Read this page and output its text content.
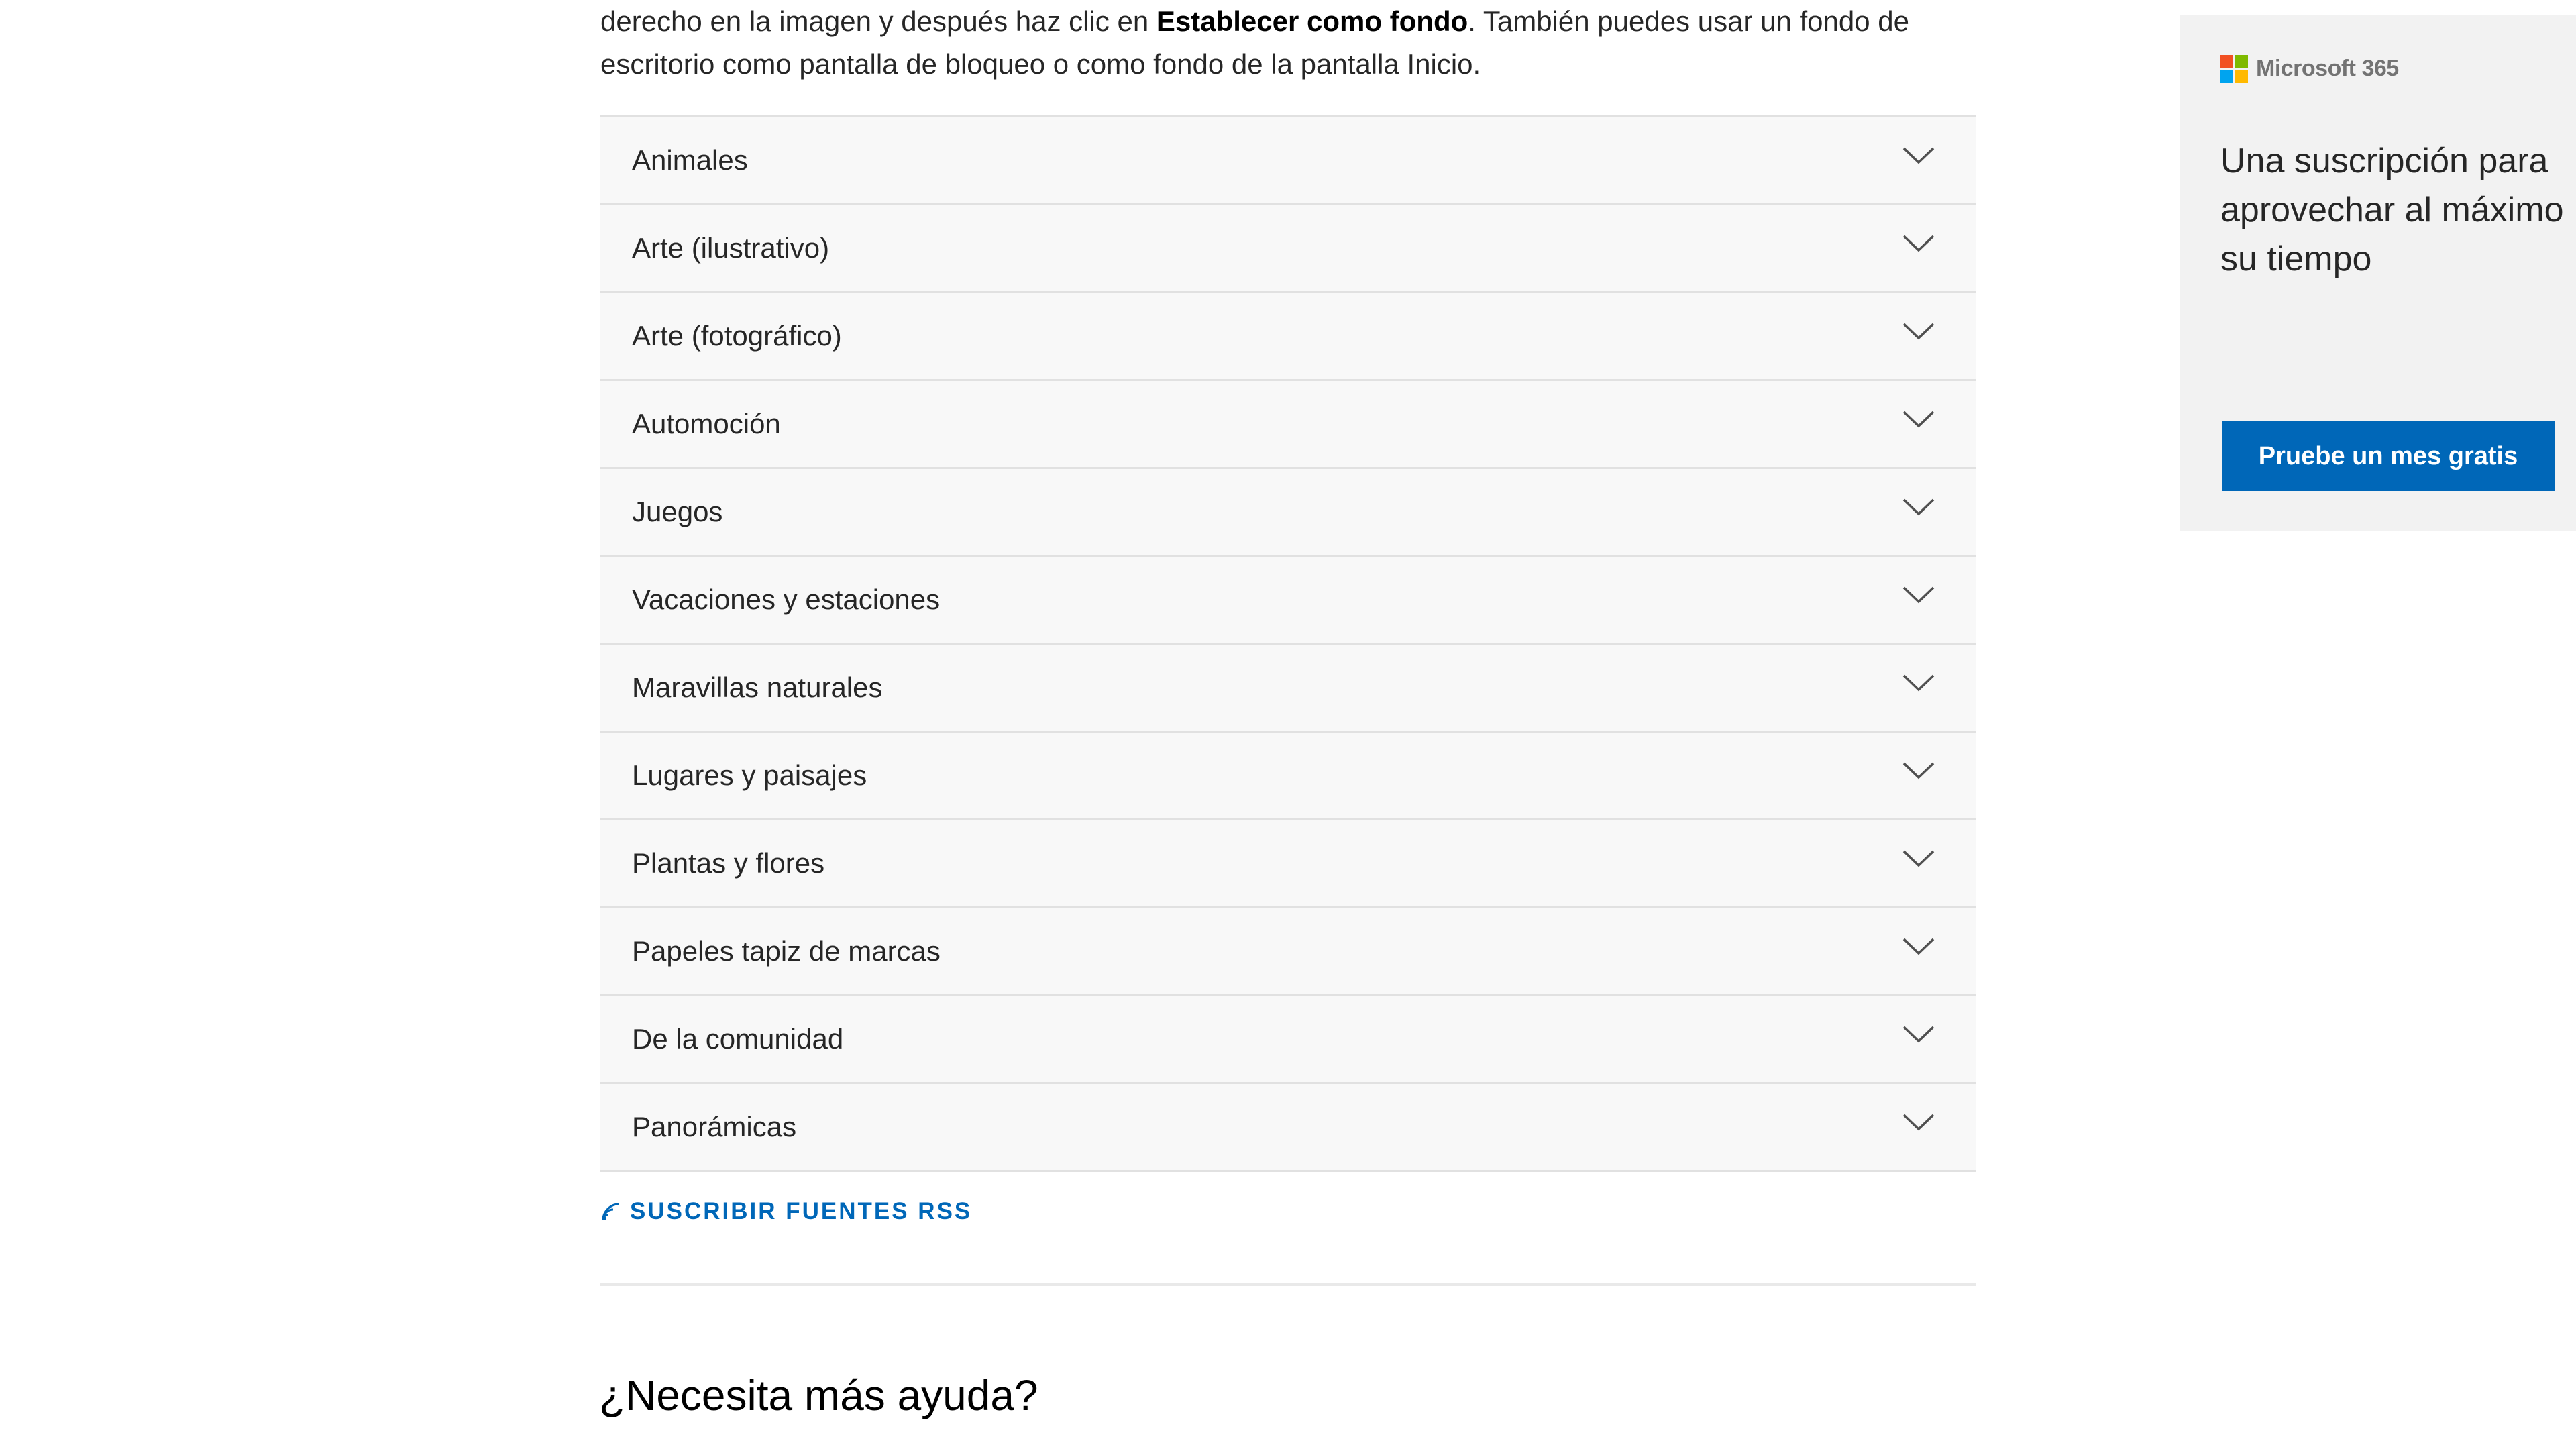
derecho en la imagen y después haz clic en Establecer como fondo. También puedes usar un fondo de
escritorio como pantalla de bloqueo o como fondo de la pantalla Inicio.
Animales
Arte (ilustrativo)
Arte (fotográfico)
Automoción
Juegos
Vacaciones y estaciones
Maravillas naturales
Lugares y paisajes
Plantas y flores
Papeles tapiz de marcas
De la comunidad
Panorámicas
SUSCRIBIR FUENTES RSS
¿Necesita más ayuda?
Microsoft 365
Una suscripción para
aprovechar al máximo
su tiempo
Pruebe un mes gratis
